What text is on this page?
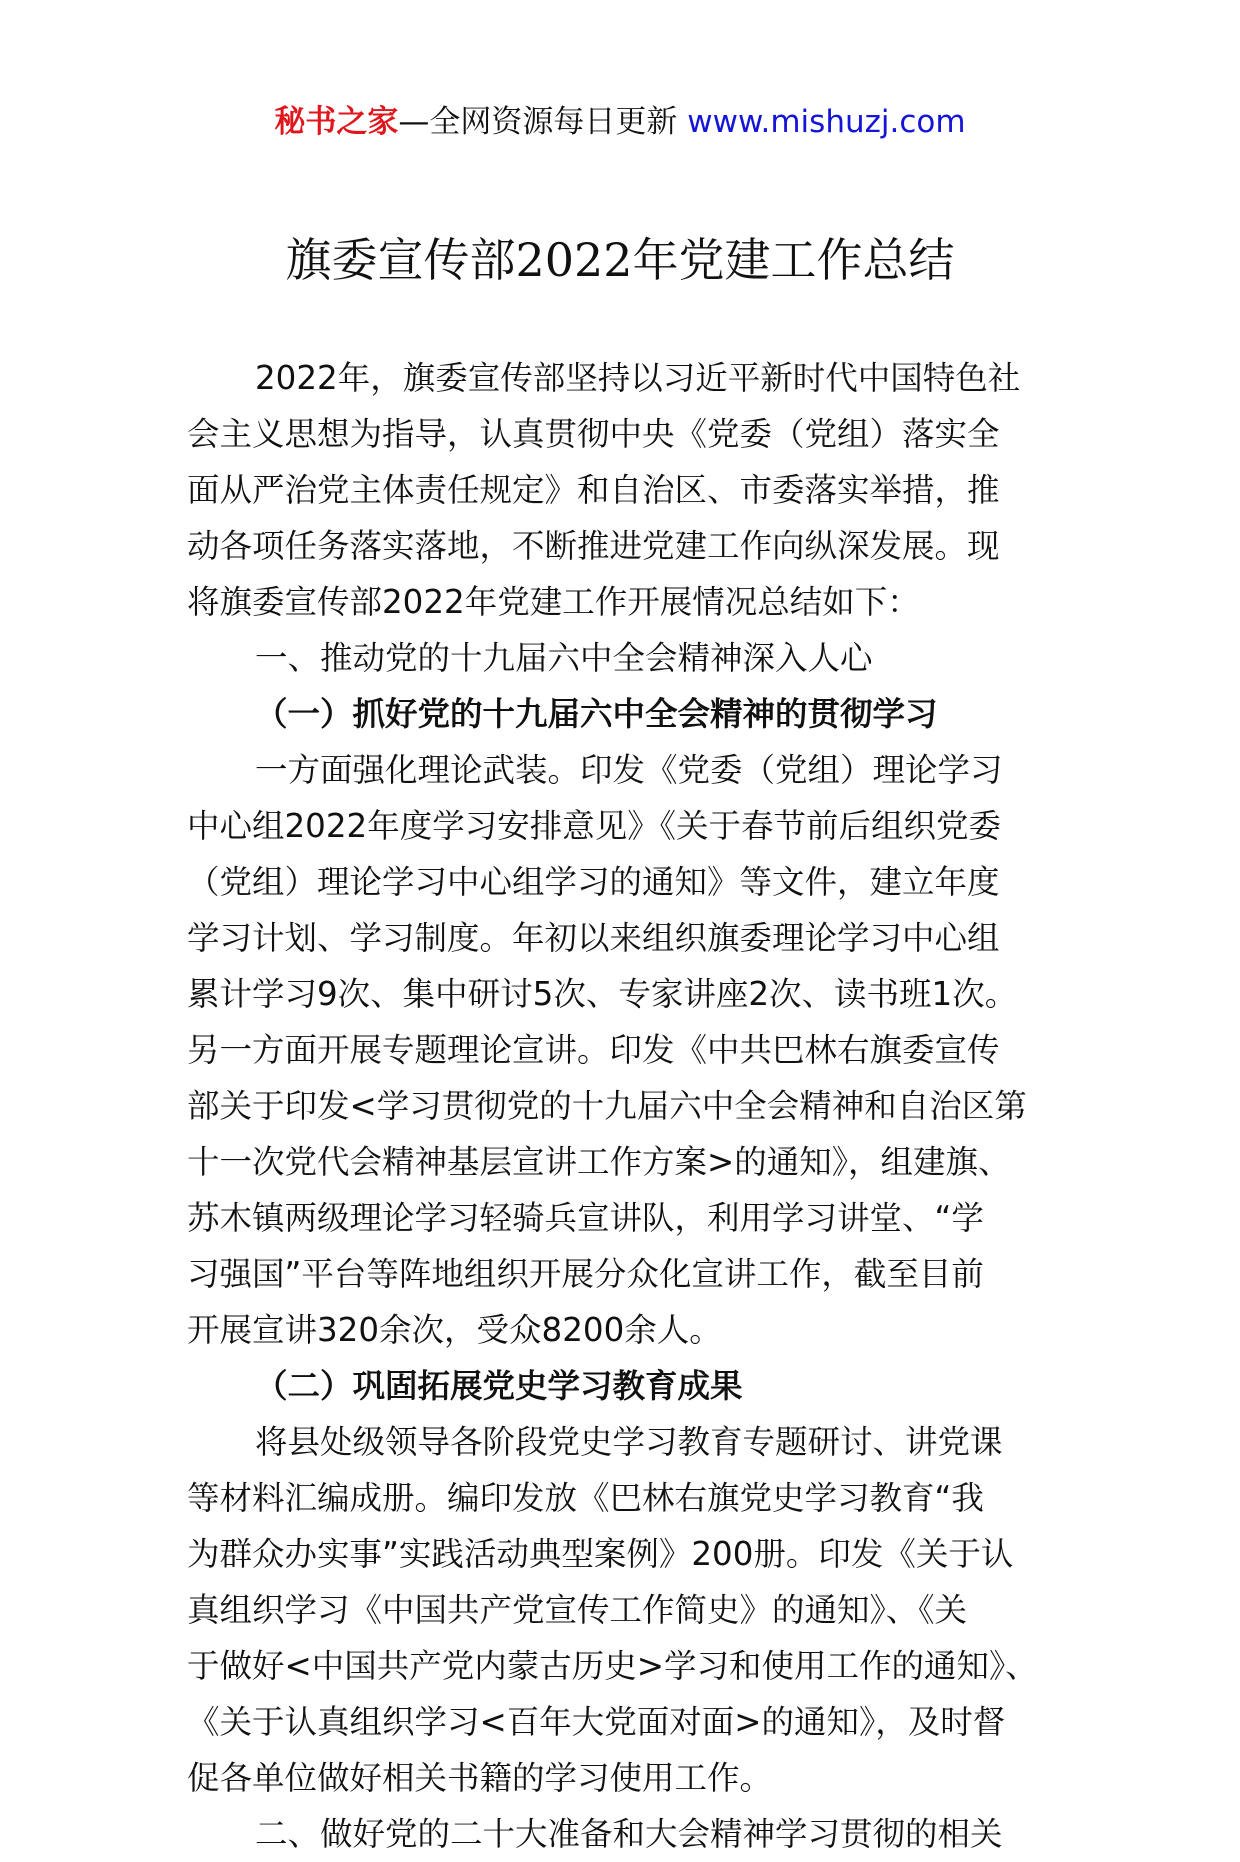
秘书之家—全网资源每日更新 www.mishuzj.com
旗委宣传部2022年党建工作总结
2022年，旗委宣传部坚持以习近平新时代中国特色社
会主义思想为指导，认真贯彻中央《党委（党组）落实全
面从严治党主体责任规定》和自治区、市委落实举措，推
动各项任务落实落地，不断推进党建工作向纵深发展。现
将旗委宣传部2022年党建工作开展情况总结如下：
一、推动党的十九届六中全会精神深入人心
（一）抓好党的十九届六中全会精神的贯彻学习
一方面强化理论武装。印发《党委（党组）理论学习
中心组2022年度学习安排意见》《关于春节前后组织党委
（党组）理论学习中心组学习的通知》等文件，建立年度
学习计划、学习制度。年初以来组织旗委理论学习中心组
累计学习9次、集中研讨5次、专家讲座2次、读书班1次。
另一方面开展专题理论宣讲。印发《中共巴林右旗委宣传
部关于印发<学习贯彻党的十九届六中全会精神和自治区第
十一次党代会精神基层宣讲工作方案>的通知》，组建旗、
苏木镇两级理论学习轻骑兵宣讲队，利用学习讲堂、“学
习强国”平台等阵地组织开展分众化宣讲工作，截至目前
开展宣讲320余次，受众8200余人。
（二）巩固拓展党史学习教育成果
将县处级领导各阶段党史学习教育专题研讨、讲党课
等材料汇编成册。编印发放《巴林右旗党史学习教育“我
为群众办实事”实践活动典型案例》200册。印发《关于认
真组织学习《中国共产党宣传工作简史》的通知》、《关
于做好<中国共产党内蒙古历史>学习和使用工作的通知》、
《关于认真组织学习<百年大党面对面>的通知》，及时督
促各单位做好相关书籍的学习使用工作。
二、做好党的二十大准备和大会精神学习贯彻的相关
